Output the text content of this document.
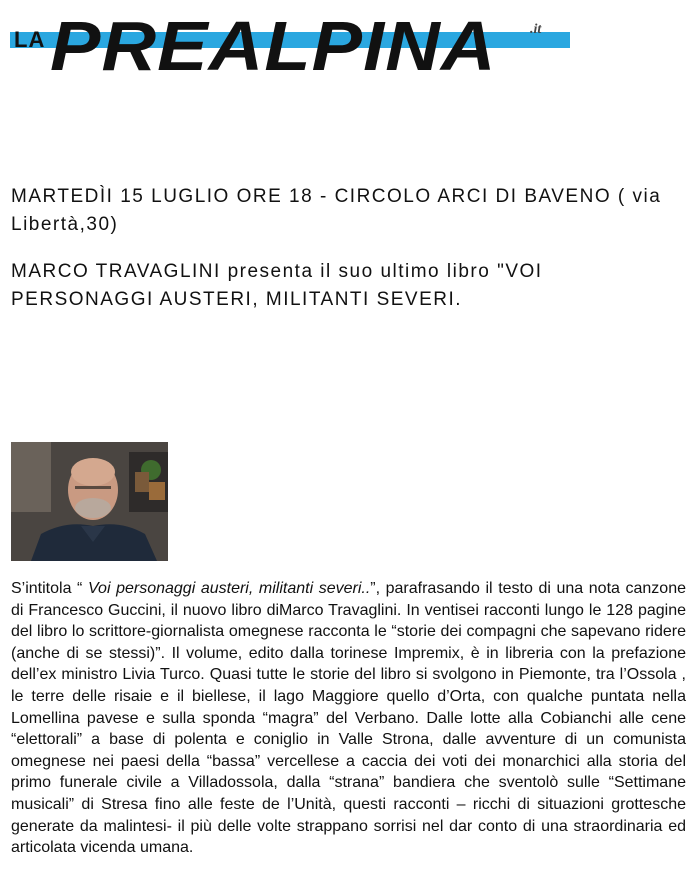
LA PREALPINA .it
MARTEDÌI 15 LUGLIO ORE 18 - CIRCOLO ARCI DI BAVENO ( via Libertà,30)
MARCO TRAVAGLINI presenta il suo ultimo libro "VOI PERSONAGGI AUSTERI, MILITANTI SEVERI.
S’intitola “ Voi personaggi austeri, militanti severi..”, parafrasando il testo di una nota canzone di Francesco Guccini, il nuovo libro diMarco Travaglini. In ventisei racconti lungo le 128 pagine del libro lo scrittore-giornalista omegnese racconta le “storie dei compagni che sapevano ridere (anche di se stessi)”. Il volume, edito dalla torinese Impremix, è in libreria con la prefazione dell’ex ministro Livia Turco. Quasi tutte le storie del libro si svolgono in Piemonte, tra l’Ossola , le terre delle risaie e il biellese, il lago Maggiore quello d’Orta, con qualche puntata nella Lomellina pavese e sulla sponda “magra” del Verbano. Dalle lotte alla Cobianchi alle cene “elettorali” a base di polenta e coniglio in Valle Strona, dalle avventure di un comunista omegnese nei paesi della “bassa” vercellese a caccia dei voti dei monarchici alla storia del primo funerale civile a Villadossola, dalla “strana” bandiera che sventolò sulle “Settimane musicali” di Stresa fino alle feste de l’Unità, questi racconti – ricchi di situazioni grottesche generate da malintesi- il più delle volte strappano sorrisi nel dar conto di una straordinaria ed articolata vicenda umana.
